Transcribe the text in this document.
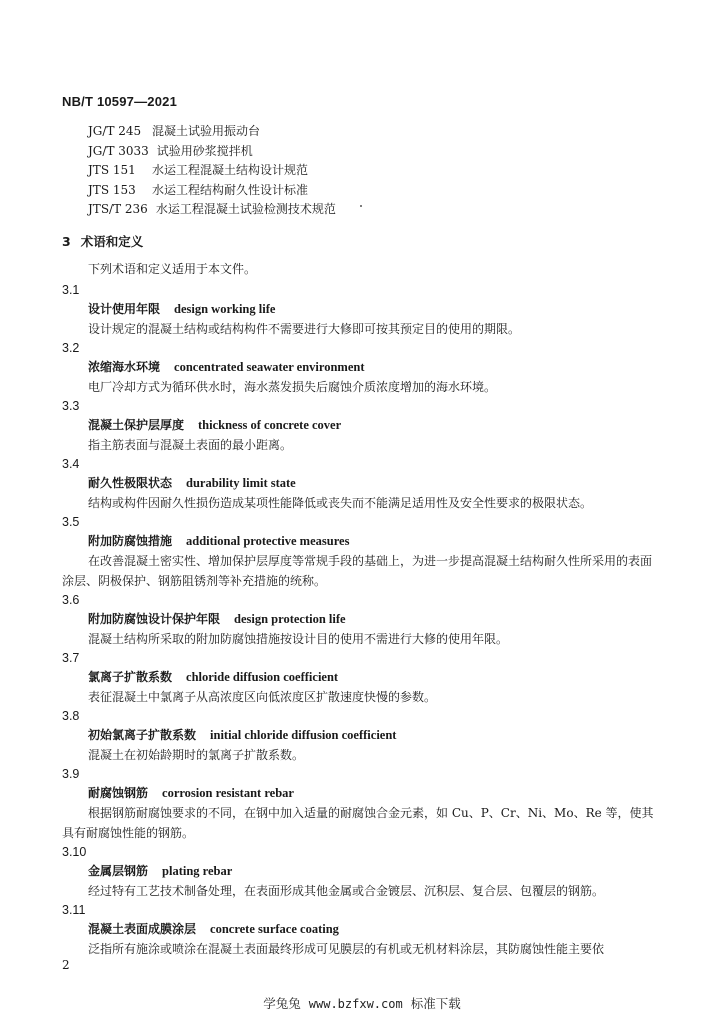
NB/T 10597—2021
JG/T 245 混凝土试验用振动台
JG/T 3033 试验用砂浆搅拌机
JTS 151 水运工程混凝土结构设计规范
JTS 153 水运工程结构耐久性设计标准
JTS/T 236 水运工程混凝土试验检测技术规范
3 术语和定义
下列术语和定义适用于本文件。
3.1
设计使用年限 design working life
设计规定的混凝土结构或结构构件不需要进行大修即可按其预定目的使用的期限。
3.2
浓缩海水环境 concentrated seawater environment
电厂冷却方式为循环供水时，海水蒸发损失后腐蚀介质浓度增加的海水环境。
3.3
混凝土保护层厚度 thickness of concrete cover
指主筋表面与混凝土表面的最小距离。
3.4
耐久性极限状态 durability limit state
结构或构件因耐久性损伤造成某项性能降低或丧失而不能满足适用性及安全性要求的极限状态。
3.5
附加防腐蚀措施 additional protective measures
在改善混凝土密实性、增加保护层厚度等常规手段的基础上，为进一步提高混凝土结构耐久性所采用的表面涂层、阴极保护、钢筋阻锈剂等补充措施的统称。
3.6
附加防腐蚀设计保护年限 design protection life
混凝土结构所采取的附加防腐蚀措施按设计目的使用不需进行大修的使用年限。
3.7
氯离子扩散系数 chloride diffusion coefficient
表征混凝土中氯离子从高浓度区向低浓度区扩散速度快慢的参数。
3.8
初始氯离子扩散系数 initial chloride diffusion coefficient
混凝土在初始龄期时的氯离子扩散系数。
3.9
耐腐蚀钢筋 corrosion resistant rebar
根据钢筋耐腐蚀要求的不同，在钢中加入适量的耐腐蚀合金元素，如 Cu、P、Cr、Ni、Mo、Re 等，使其具有耐腐蚀性能的钢筋。
3.10
金属层钢筋 plating rebar
经过特有工艺技术制备处理，在表面形成其他金属或合金镀层、沉积层、复合层、包覆层的钢筋。
3.11
混凝土表面成膜涂层 concrete surface coating
泛指所有施涂或喷涂在混凝土表面最终形成可见膜层的有机或无机材料涂层，其防腐蚀性能主要依
2
学兔兔 www.bzfxw.com 标准下载
